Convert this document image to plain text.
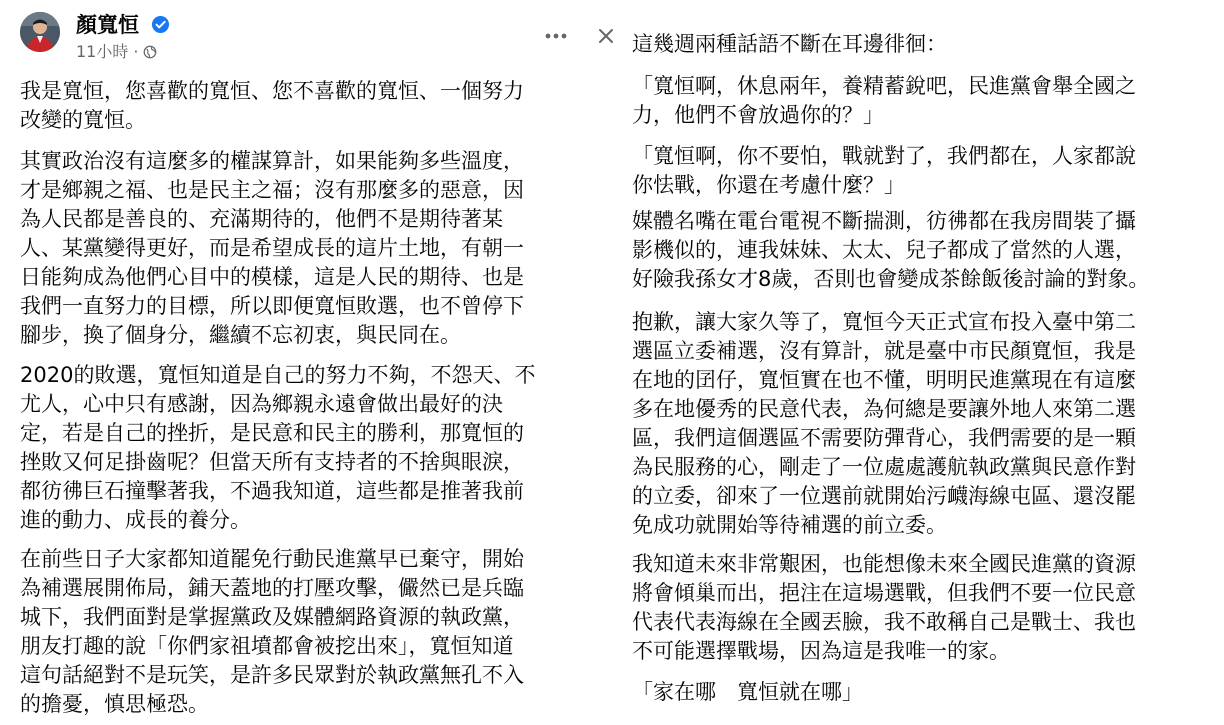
顏寬恒
11小時 ·

我是寬恒，您喜歡的寬恒、您不喜歡的寬恒、一個努力

改變的寬恒。

其實政治沒有這麼多的權謀算計，如果能夠多些溫度，

才是鄉親之福、也是民主之福；沒有那麼多的惡意，因

為人民都是善良的、充滿期待的，他們不是期待著某

人、某黨變得更好，而是希望成長的這片土地，有朝一

日能夠成為他們心目中的模樣，這是人民的期待、也是

我們一直努力的目標，所以即便寬恒敗選，也不曾停下

腳步，換了個身分，繼續不忘初衷，與民同在。

2020的敗選，寬恒知道是自己的努力不夠，不怨天、不

尤人，心中只有感謝，因為鄉親永遠會做出最好的決

定，若是自己的挫折，是民意和民主的勝利，那寬恒的

挫敗又何足掛齒呢？但當天所有支持者的不捨與眼淚，

都彷彿巨石撞擊著我，不過我知道，這些都是推著我前

進的動力、成長的養分。

在前些日子大家都知道罷免行動民進黨早已棄守，開始

為補選展開佈局，鋪天蓋地的打壓攻擊，儼然已是兵臨

城下，我們面對是掌握黨政及媒體網路資源的執政黨，

朋友打趣的說「你們家祖墳都會被挖出來」，寬恒知道

這句話絕對不是玩笑，是許多民眾對於執政黨無孔不入

的擔憂，慎思極恐。

這幾週兩種話語不斷在耳邊徘徊：

「寬恒啊，休息兩年，養精蓄銳吧，民進黨會舉全國之

力，他們不會放過你的？」

「寬恒啊，你不要怕，戰就對了，我們都在，人家都說

你怯戰，你還在考慮什麼？」

媒體名嘴在電台電視不斷揣測，彷彿都在我房間裝了攝

影機似的，連我妹妹、太太、兒子都成了當然的人選，

好險我孫女才8歲，否則也會變成茶餘飯後討論的對象。

抱歉，讓大家久等了，寬恒今天正式宣布投入臺中第二

選區立委補選，沒有算計，就是臺中市民顏寬恒，我是

在地的囝仔，寬恒實在也不懂，明明民進黨現在有這麼

多在地優秀的民意代表，為何總是要讓外地人來第二選

區，我們這個選區不需要防彈背心，我們需要的是一顆

為民服務的心，剛走了一位處處護航執政黨與民意作對

的立委，卻來了一位選前就開始污衊海線屯區、還沒罷

免成功就開始等待補選的前立委。

我知道未來非常艱困，也能想像未來全國民進黨的資源

將會傾巢而出，挹注在這場選戰，但我們不要一位民意

代表代表海線在全國丟臉，我不敢稱自己是戰士、我也

不可能選擇戰場，因為這是我唯一的家。

「家在哪　寬恒就在哪」
